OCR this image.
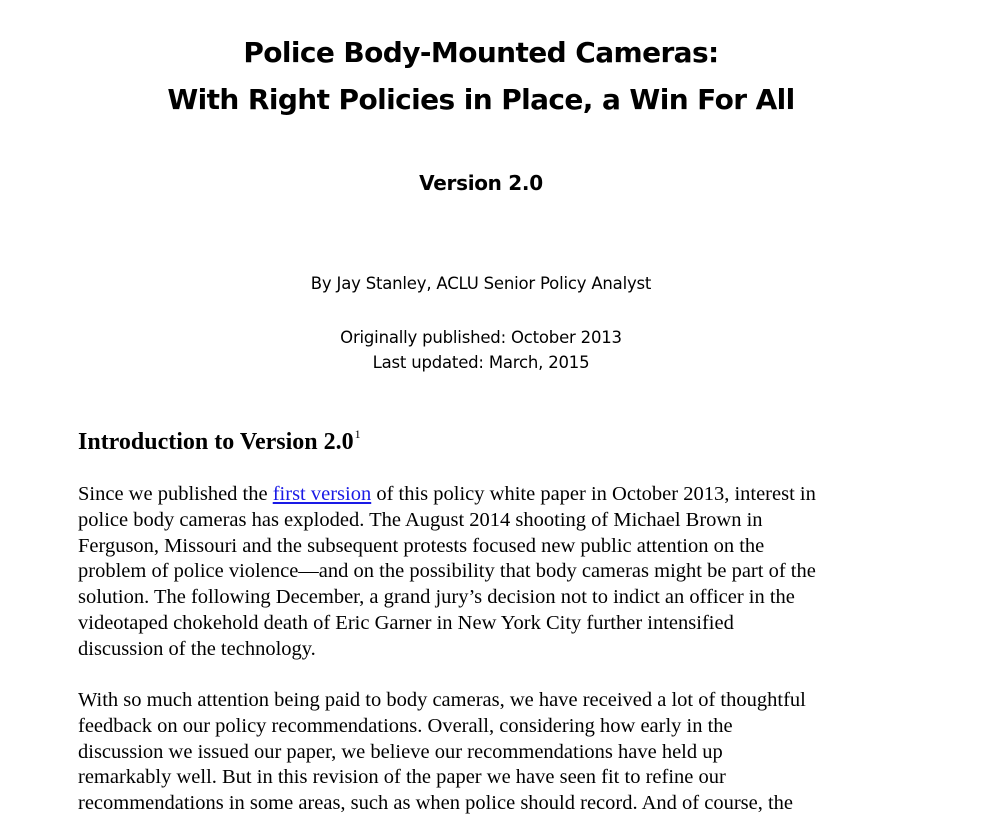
Police Body-Mounted Cameras:
With Right Policies in Place, a Win For All
Version 2.0
By Jay Stanley, ACLU Senior Policy Analyst
Originally published: October 2013
Last updated: March, 2015
Introduction to Version $2.0^1$
Since we published the first version of this policy white paper in October 2013, interest in
police body cameras has exploded. The August 2014 shooting of Michael Brown in
Ferguson, Missouri and the subsequent protests focused new public attention on the
problem of police violence—and on the possibility that body cameras might be part of the
solution. The following December, a grand jury’s decision not to indict an officer in the
videotaped chokehold death of Eric Garner in New York City further intensified
discussion of the technology.
With so much attention being paid to body cameras, we have received a lot of thoughtful
feedback on our policy recommendations. Overall, considering how early in the
discussion we issued our paper, we believe our recommendations have held up
remarkably well. But in this revision of the paper we have seen fit to refine our
recommendations in some areas, such as when police should record. And of course, the
